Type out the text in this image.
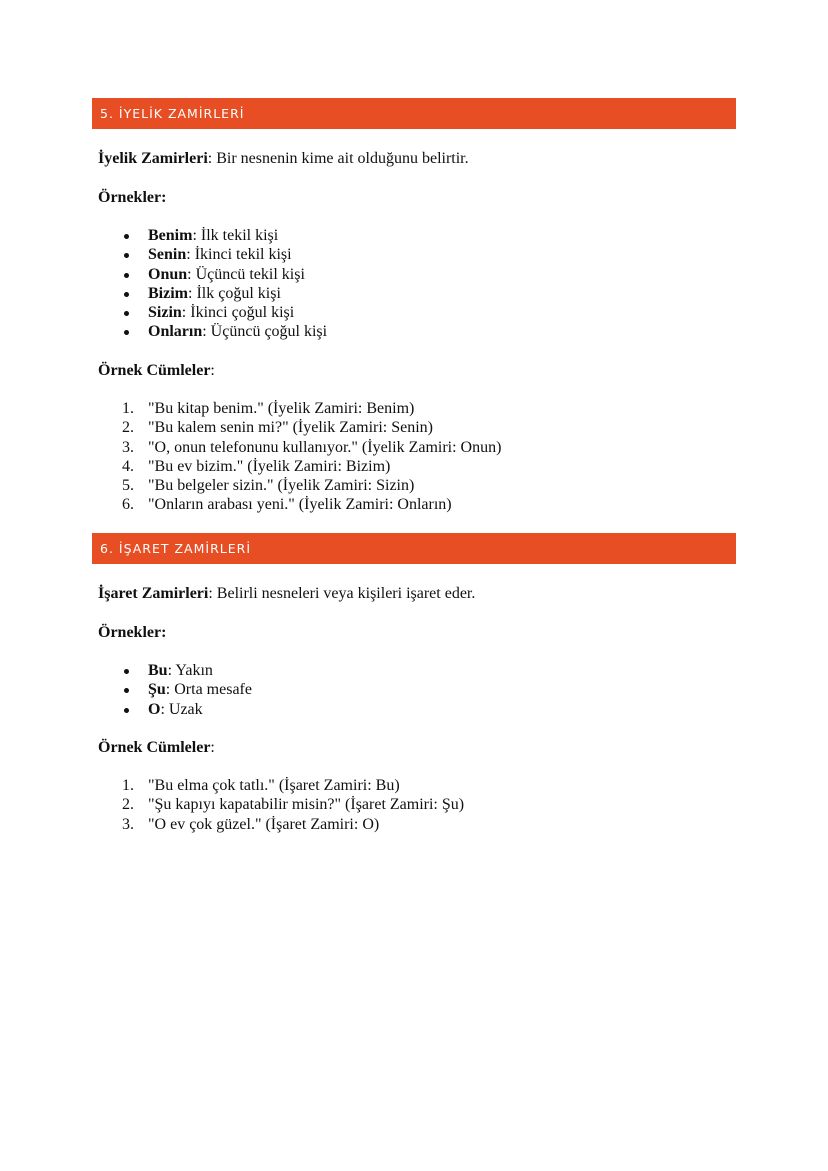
5. İYELİK ZAMİRLERİ

İyelik Zamirleri: Bir nesnenin kime ait olduğunu belirtir.

Örnekler:

Benim: İlk tekil kişi
Senin: İkinci tekil kişi
Onun: Üçüncü tekil kişi
Bizim: İlk çoğul kişi
Sizin: İkinci çoğul kişi
Onların: Üçüncü çoğul kişi

Örnek Cümleler:

1. "Bu kitap benim." (İyelik Zamiri: Benim)
2. "Bu kalem senin mi?" (İyelik Zamiri: Senin)
3. "O, onun telefonunu kullanıyor." (İyelik Zamiri: Onun)
4. "Bu ev bizim." (İyelik Zamiri: Bizim)
5. "Bu belgeler sizin." (İyelik Zamiri: Sizin)
6. "Onların arabası yeni." (İyelik Zamiri: Onların)
6. İŞARET ZAMİRLERİ

İşaret Zamirleri: Belirli nesneleri veya kişileri işaret eder.

Örnekler:

Bu: Yakın
Şu: Orta mesafe
O: Uzak

Örnek Cümleler:

1. "Bu elma çok tatlı." (İşaret Zamiri: Bu)
2. "Şu kapıyı kapatabilir misin?" (İşaret Zamiri: Şu)
3. "O ev çok güzel." (İşaret Zamiri: O)
